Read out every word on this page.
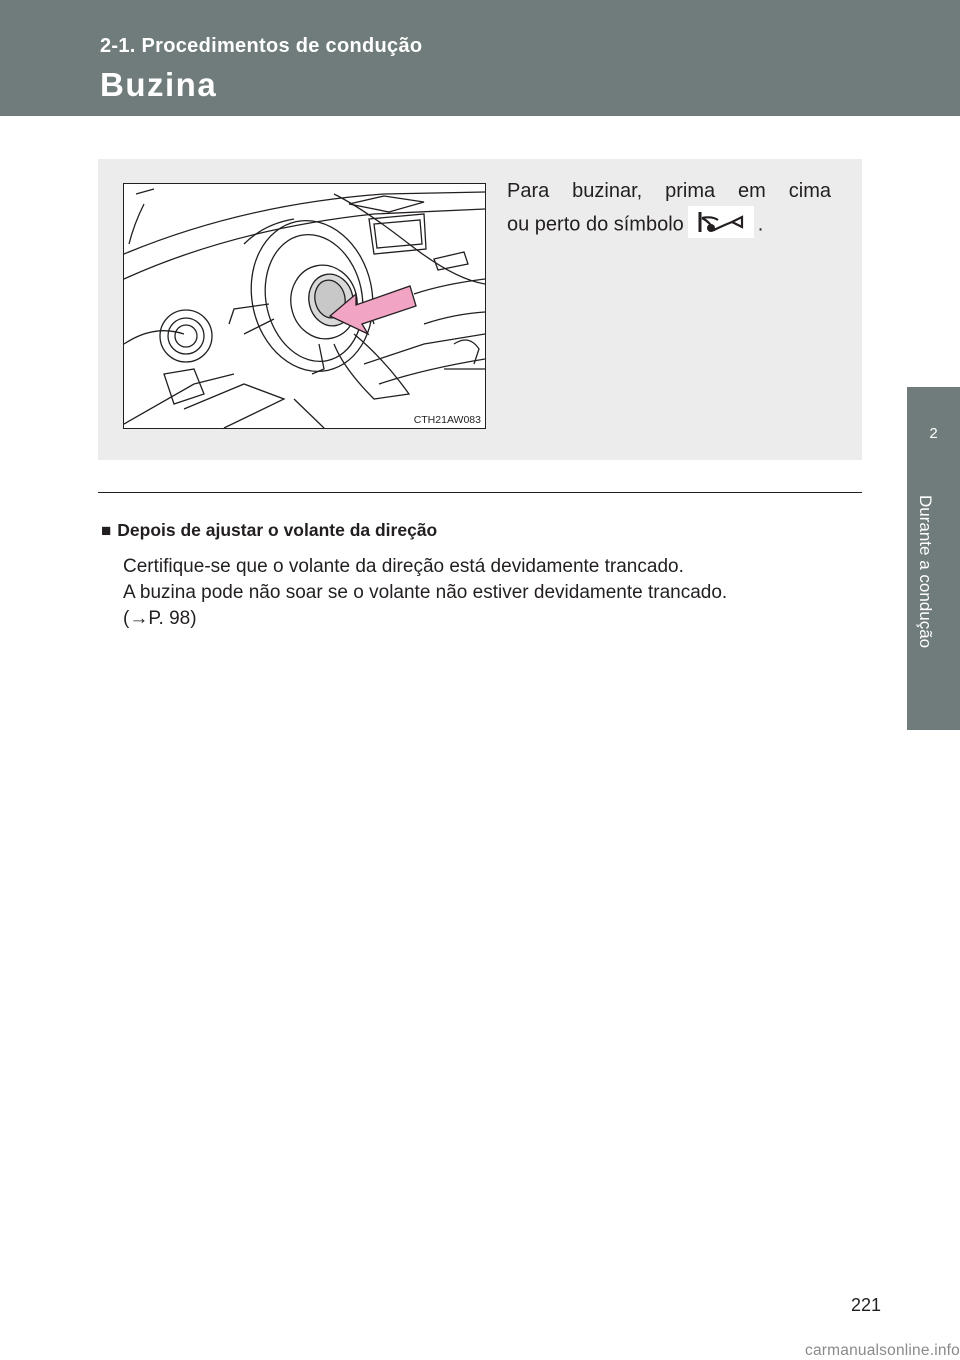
2-1. Procedimentos de condução
Buzina
2
Durante a condução
CTH21AW083
Para buzinar, prima em cima
ou perto do símbolo	.
■ Depois de ajustar o volante da direção
Certifique-se que o volante da direção está devidamente trancado.
A buzina pode não soar se o volante não estiver devidamente trancado.
(→P. 98)
221
carmanualsonline.info
